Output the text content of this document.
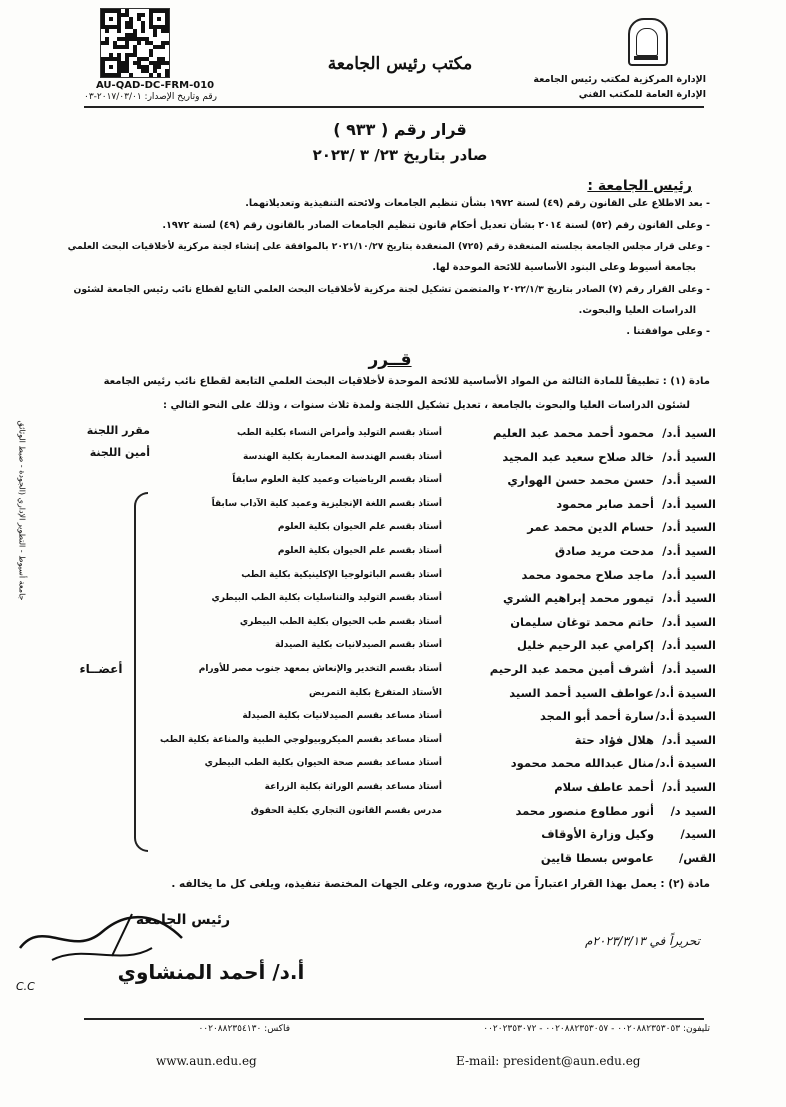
AU-QAD-DC-FRM-010
رقم وتاريخ الإصدار: ٢٠١٧/٠٣/٠١-٠٣
مكتب رئيس الجامعة
الإدارة المركزية لمكتب رئيس الجامعة
الإدارة العامة للمكتب الفني
قرار رقم ( ٩٣٣ )
صادر بتاريخ ٢٣/ ٣ /٢٠٢٣
رئيس الجامعة :
- بعد الاطلاع على القانون رقم (٤٩) لسنة ١٩٧٢ بشأن تنظيم الجامعات ولائحته التنفيذية وتعديلاتهما.
- وعلى القانون رقم (٥٢) لسنة ٢٠١٤ بشأن تعديل أحكام قانون تنظيم الجامعات الصادر بالقانون رقم (٤٩) لسنة ١٩٧٢.
- وعلى قرار مجلس الجامعة بجلسته المنعقدة رقم (٧٢٥) المنعقدة بتاريخ ٢٠٢١/١٠/٢٧ بالموافقة على إنشاء لجنة مركزية لأخلاقيات البحث العلمي
بجامعة أسيوط وعلى البنود الأساسية للائحة الموحدة لها.
- وعلى القرار رقم (٧) الصادر بتاريخ ٢٠٢٢/١/٣ والمتضمن تشكيل لجنة مركزية لأخلاقيات البحث العلمي التابع لقطاع نائب رئيس الجامعة لشئون
الدراسات العليا والبحوث.
- وعلى موافقتنا .
قــرر
مادة (١) : تطبيقاً للمادة الثالثة من المواد الأساسية للائحة الموحدة لأخلاقيات البحث العلمي التابعة لقطاع نائب رئيس الجامعة
لشئون الدراسات العليا والبحوث بالجامعة ، تعديل تشكيل اللجنة ولمدة ثلاث سنوات ، وذلك على النحو التالي :
السيد أ.د/
محمود أحمد محمد عبد العليم
أستاذ بقسم التوليد وأمراض النساء بكلية الطب
السيد أ.د/
خالد صلاح سعيد عبد المجيد
أستاذ بقسم الهندسة المعمارية بكلية الهندسة
السيد أ.د/
حسن محمد حسن الهواري
أستاذ بقسم الرياضيات وعميد كلية العلوم سابقاً
السيد أ.د/
أحمد صابر محمود
أستاذ بقسم اللغة الإنجليزية وعميد كلية الآداب سابقاً
السيد أ.د/
حسام الدين محمد عمر
أستاذ بقسم علم الحيوان بكلية العلوم
السيد أ.د/
مدحت مريد صادق
أستاذ بقسم علم الحيوان بكلية العلوم
السيد أ.د/
ماجد صلاح محمود محمد
أستاذ بقسم الباثولوجيا الإكلينيكية بكلية الطب
السيد أ.د/
تيمور محمد إبراهيم الشري
أستاذ بقسم التوليد والتناسليات بكلية الطب البيطري
السيد أ.د/
حاتم محمد توغان سليمان
أستاذ بقسم طب الحيوان بكلية الطب البيطري
السيد أ.د/
إكرامي عبد الرحيم خليل
أستاذ بقسم الصيدلانيات بكلية الصيدلة
السيد أ.د/
أشرف أمين محمد عبد الرحيم
أستاذ بقسم التخدير والإنعاش بمعهد جنوب مصر للأورام
السيدة أ.د/
عواطف السيد أحمد السيد
الأستاذ المتفرغ بكلية التمريض
السيدة أ.د/
سارة أحمد أبو المجد
أستاذ مساعد بقسم الصيدلانيات بكلية الصيدلة
السيد أ.د/
هلال فؤاد حتة
أستاذ مساعد بقسم الميكروبيولوجي الطبية والمناعة بكلية الطب
السيدة أ.د/
منال عبدالله محمد محمود
أستاذ مساعد بقسم صحة الحيوان بكلية الطب البيطري
السيد أ.د/
أحمد عاطف سلام
أستاذ مساعد بقسم الوراثة بكلية الزراعة
السيد د/
أنور مطاوع منصور محمد
مدرس بقسم القانون التجاري بكلية الحقوق
السيد/
وكيل وزارة الأوقاف
القس/
عاموس بسطا قايين
مقرر اللجنة
أمين اللجنة
أعضــاء
جامعة أسيوط - التطوير الإداري (الجودة - ضبط الوثائق
مادة (٢) : يعمل بهذا القرار اعتباراً من تاريخ صدوره، وعلى الجهات المختصة تنفيذه، ويلغى كل ما يخالفه .
رئيس الجامعة
C.C
أ.د/ أحمد المنشاوي
تحريراً في ٢٠٢٣/٣/١٣م
تليفون: ٠٠٢٠٨٨٢٣٥٣٠٥٣ - ٠٠٢٠٨٨٢٣٥٣٠٥٧ - ٠٠٢٠٢٣٥٣٠٧٢
فاكس: ٠٠٢٠٨٨٢٣٥٤١٣٠
E-mail: president@aun.edu.eg
www.aun.edu.eg
